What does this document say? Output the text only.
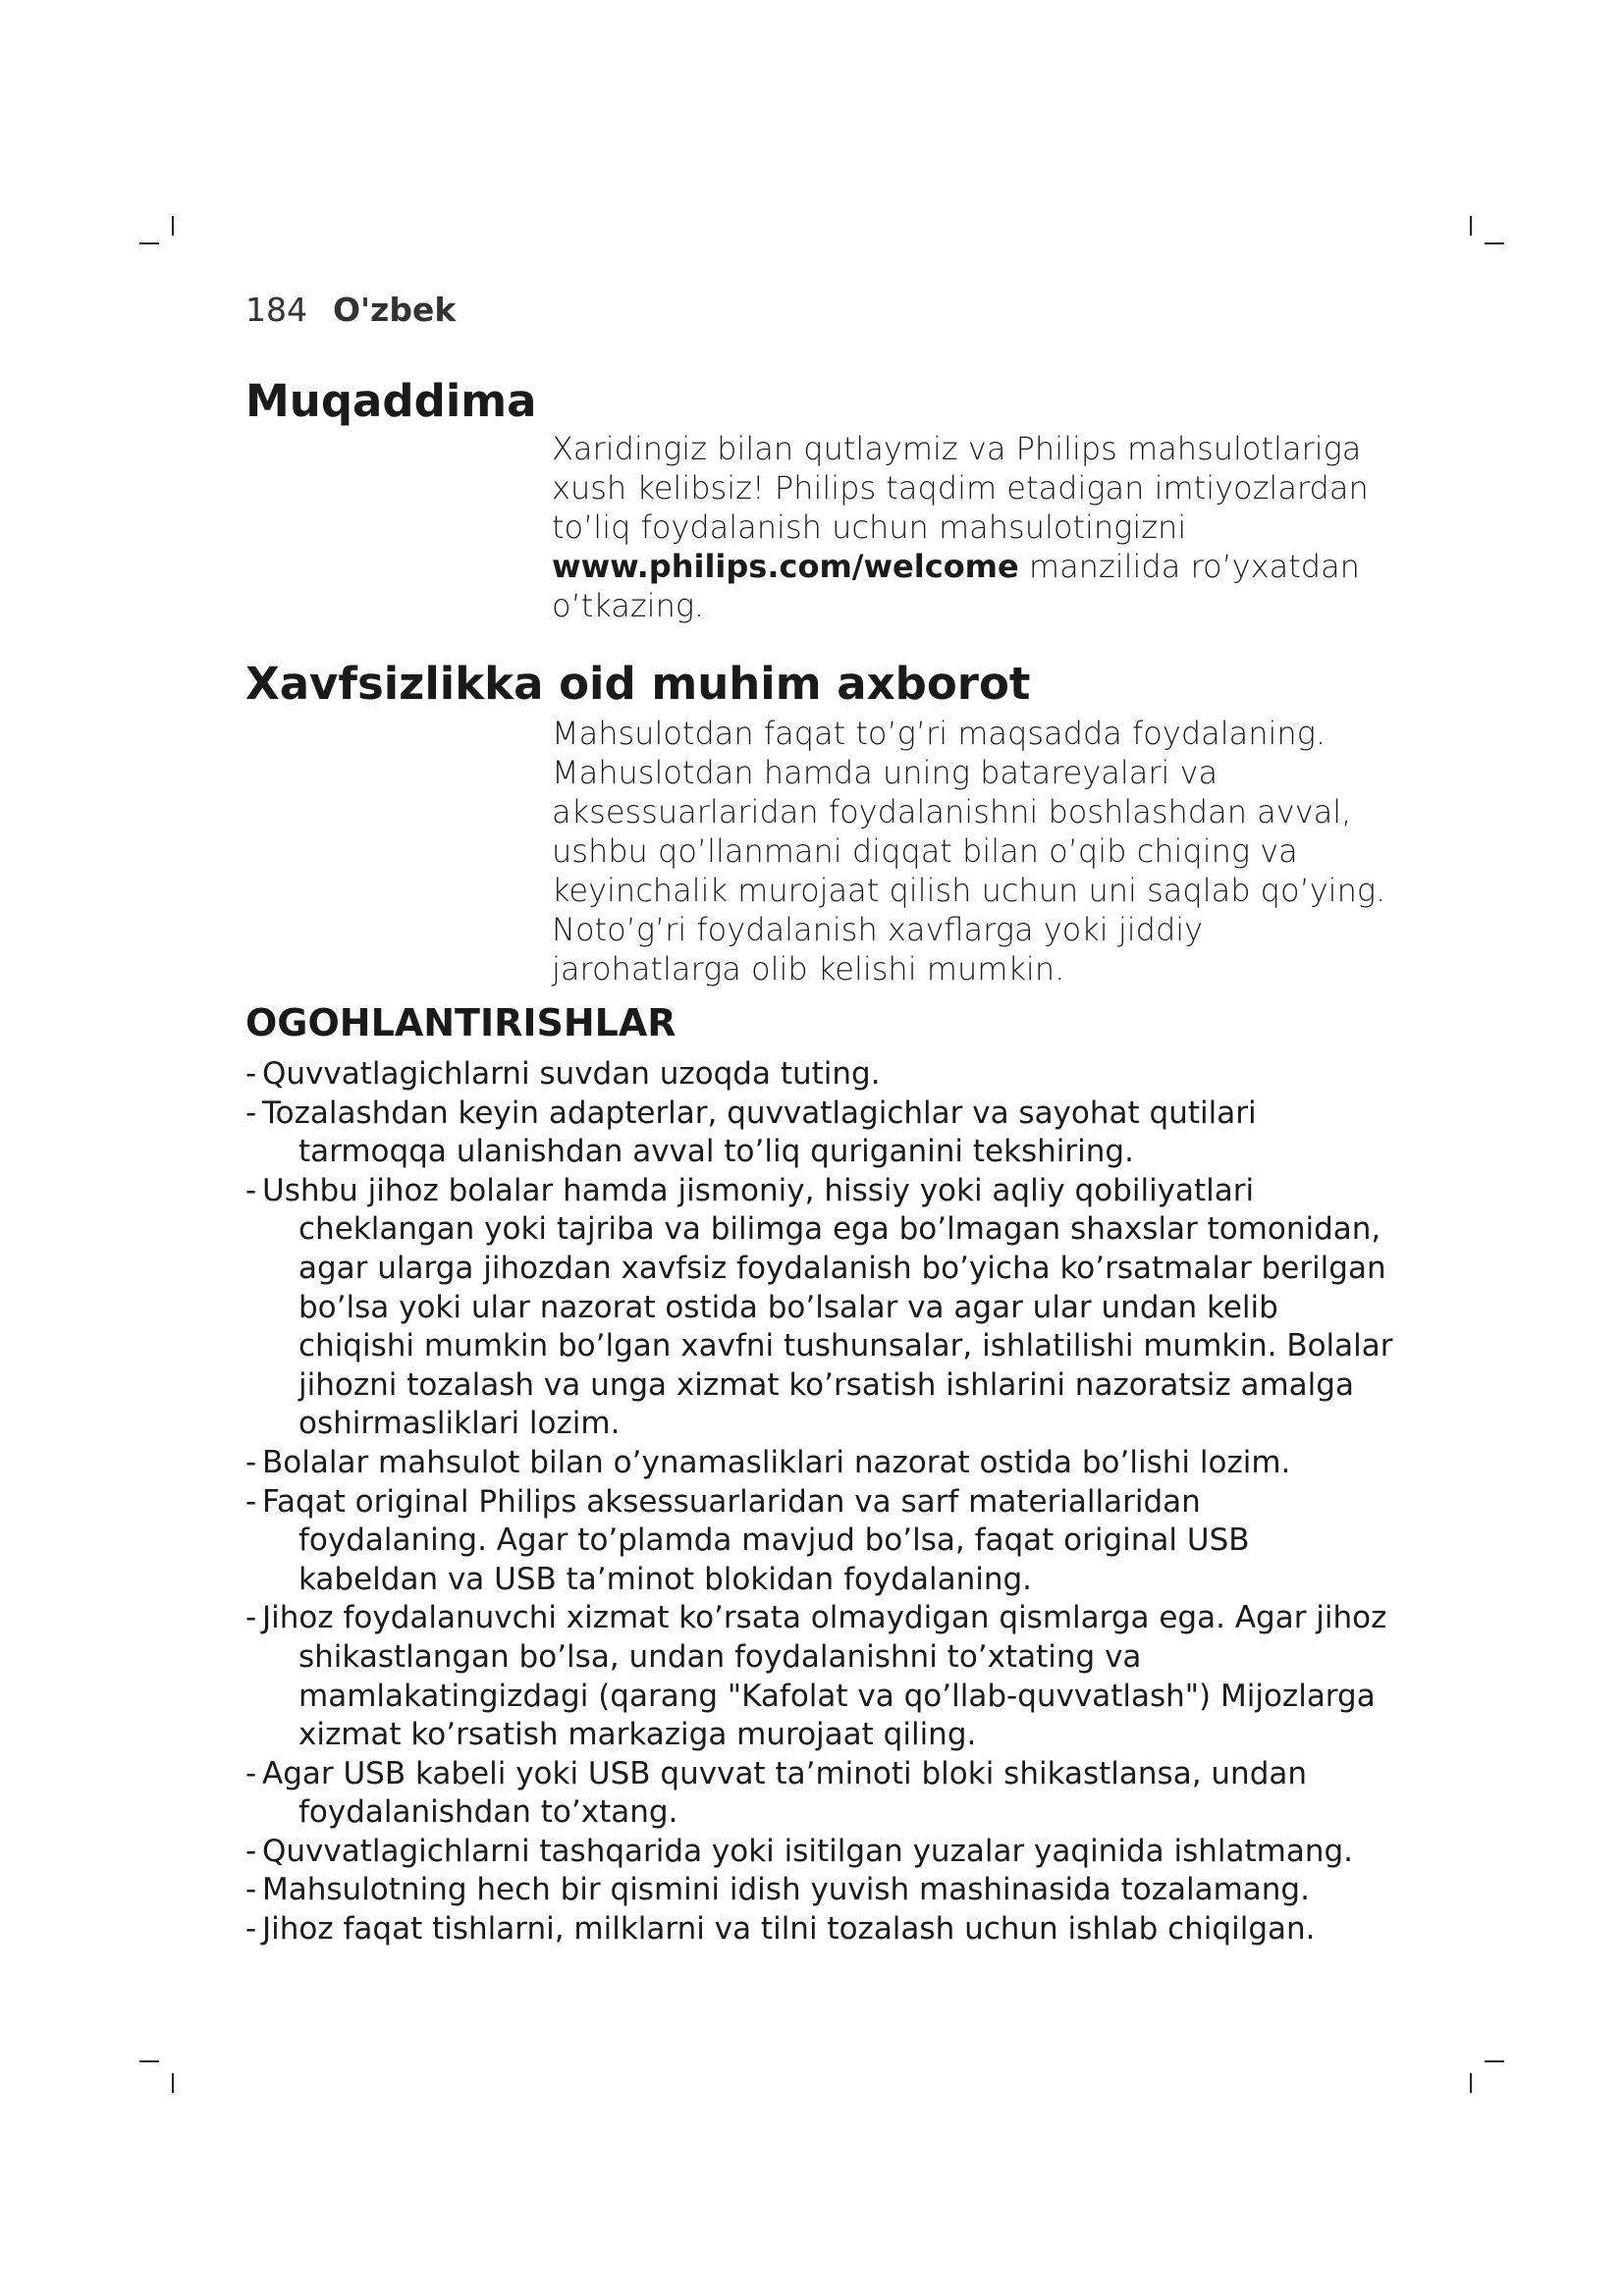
184 O'zbek
Muqaddima

Xaridingiz bilan qutlaymiz va Philips mahsulotlariga xush kelibsiz! Philips taqdim etadigan imtiyozlardan to’liq foydalanish uchun mahsulotingizni www.philips.com/welcome manzilida ro’yxatdan o’tkazing.

Xavfsizlikka oid muhim axborot

Mahsulotdan faqat to’g’ri maqsadda foydalaning. Mahuslotdan hamda uning batareyalari va aksessuarlaridan foydalanishni boshlashdan avval, ushbu qo’llanmani diqqat bilan o’qib chiqing va keyinchalik murojaat qilish uchun uni saqlab qo’ying. Noto’g’ri foydalanish xavflarga yoki jiddiy jarohatlarga olib kelishi mumkin.

OGOHLANTIRISHLAR
- Quvvatlagichlarni suvdan uzoqda tuting.
- Tozalashdan keyin adapterlar, quvvatlagichlar va sayohat qutilari tarmoqqa ulanishdan avval to’liq quriganini tekshiring.
- Ushbu jihoz bolalar hamda jismoniy, hissiy yoki aqliy qobiliyatlari cheklangan yoki tajriba va bilimga ega bo’lmagan shaxslar tomonidan, agar ularga jihozdan xavfsiz foydalanish bo’yicha ko’rsatmalar berilgan bo’lsa yoki ular nazorat ostida bo’lsalar va agar ular undan kelib chiqishi mumkin bo’lgan xavfni tushunsalar, ishlatilishi mumkin. Bolalar jihozni tozalash va unga xizmat ko’rsatish ishlarini nazoratsiz amalga oshirmasliklari lozim.
- Bolalar mahsulot bilan o’ynamasliklari nazorat ostida bo’lishi lozim.
- Faqat original Philips aksessuarlaridan va sarf materiallaridan foydalaning. Agar to’plamda mavjud bo’lsa, faqat original USB kabeldan va USB ta’minot blokidan foydalaning.
- Jihoz foydalanuvchi xizmat ko’rsata olmaydigan qismlarga ega. Agar jihoz shikastlangan bo’lsa, undan foydalanishni to’xtating va mamlakatingizdagi (qarang "Kafolat va qo’llab-quvvatlash") Mijozlarga xizmat ko’rsatish markaziga murojaat qiling.
- Agar USB kabeli yoki USB quvvat ta’minoti bloki shikastlansa, undan foydalanishdan to’xtang.
- Quvvatlagichlarni tashqarida yoki isitilgan yuzalar yaqinida ishlatmang.
- Mahsulotning hech bir qismini idish yuvish mashinasida tozalamang.
- Jihoz faqat tishlarni, milklarni va tilni tozalash uchun ishlab chiqilgan.
